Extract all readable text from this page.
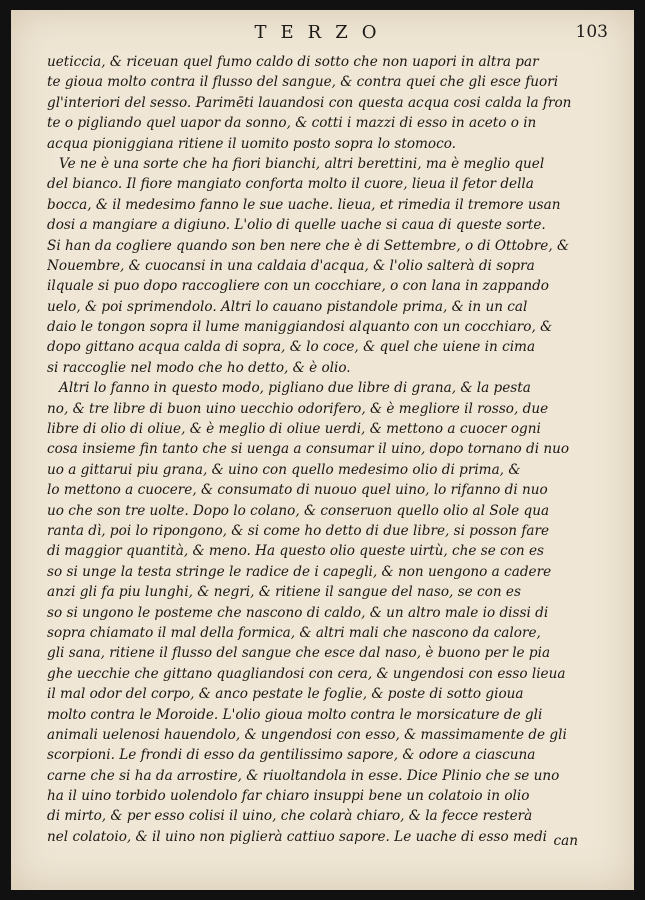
TERZO	103
ueticcia, & riceuan quel fumo caldo di sotto che non uapori in altra par
te gioua molto contra il flusso del sangue, & contra quei che gli esce fuori
gl'interiori del sesso. Parimēti lauandosi con questa acqua cosi calda la fron
te o pigliando quel uapor da sonno, & cotti i mazzi di esso in aceto o in
acqua pioniggiana ritiene il uomito posto sopra lo stomoco.
Ve ne è una sorte che ha fiori bianchi, altri berettini, ma è meglio quel
del bianco. Il fiore mangiato conforta molto il cuore, lieua il fetor della
bocca, & il medesimo fanno le sue uache. lieua, et rimedia il tremore usan
dosi a mangiare a digiuno. L'olio di quelle uache si caua di queste sorte.
Si han da cogliere quando son ben nere che è di Settembre, o di Ottobre, &
Nouembre, & cuocansi in una caldaia d'acqua, & l'olio salterà di sopra
ilquale si puo dopo raccogliere con un cocchiare, o con lana in zappando
uelo, & poi sprimendolo. Altri lo cauano pistandole prima, & in un cal
daio le tongon sopra il lume maniggiandosi alquanto con un cocchiaro, &
dopo gittano acqua calda di sopra, & lo coce, & quel che uiene in cima
si raccoglie nel modo che ho detto, & è olio.
Altri lo fanno in questo modo, pigliano due libre di grana, & la pesta
no, & tre libre di buon uino uecchio odorifero, & è megliore il rosso, due
libre di olio di oliue, & è meglio di oliue uerdi, & mettono a cuocer ogni
cosa insieme fin tanto che si uenga a consumar il uino, dopo tornano di nuo
uo a gittarui piu grana, & uino con quello medesimo olio di prima, &
lo mettono a cuocere, & consumato di nuouo quel uino, lo rifanno di nuo
uo che son tre uolte. Dopo lo colano, & conseruon quello olio al Sole qua
ranta dì, poi lo ripongono, & si come ho detto di due libre, si posson fare
di maggior quantità, & meno. Ha questo olio queste uirtù, che se con es
so si unge la testa stringe le radice de i capegli, & non uengono a cadere
anzi gli fa piu lunghi, & negri, & ritiene il sangue del naso, se con es
so si ungono le posteme che nascono di caldo, & un altro male io dissi di
sopra chiamato il mal della formica, & altri mali che nascono da calore,
gli sana, ritiene il flusso del sangue che esce dal naso, è buono per le pia
ghe uecchie che gittano quagliandosi con cera, & ungendosi con esso lieua
il mal odor del corpo, & anco pestate le foglie, & poste di sotto gioua
molto contra le Moroide. L'olio gioua molto contra le morsicature de gli
animali uelenosi hauendolo, & ungendosi con esso, & massimamente de gli
scorpioni. Le frondi di esso da gentilissimo sapore, & odore a ciascuna
carne che si ha da arrostire, & riuoltandola in esse. Dice Plinio che se uno
ha il uino torbido uolendolo far chiaro insuppi bene un colatoio in olio
di mirto, & per esso colisi il uino, che colarà chiaro, & la fecce resterà
nel colatoio, & il uino non piglierà cattiuo sapore. Le uache di esso medi can
